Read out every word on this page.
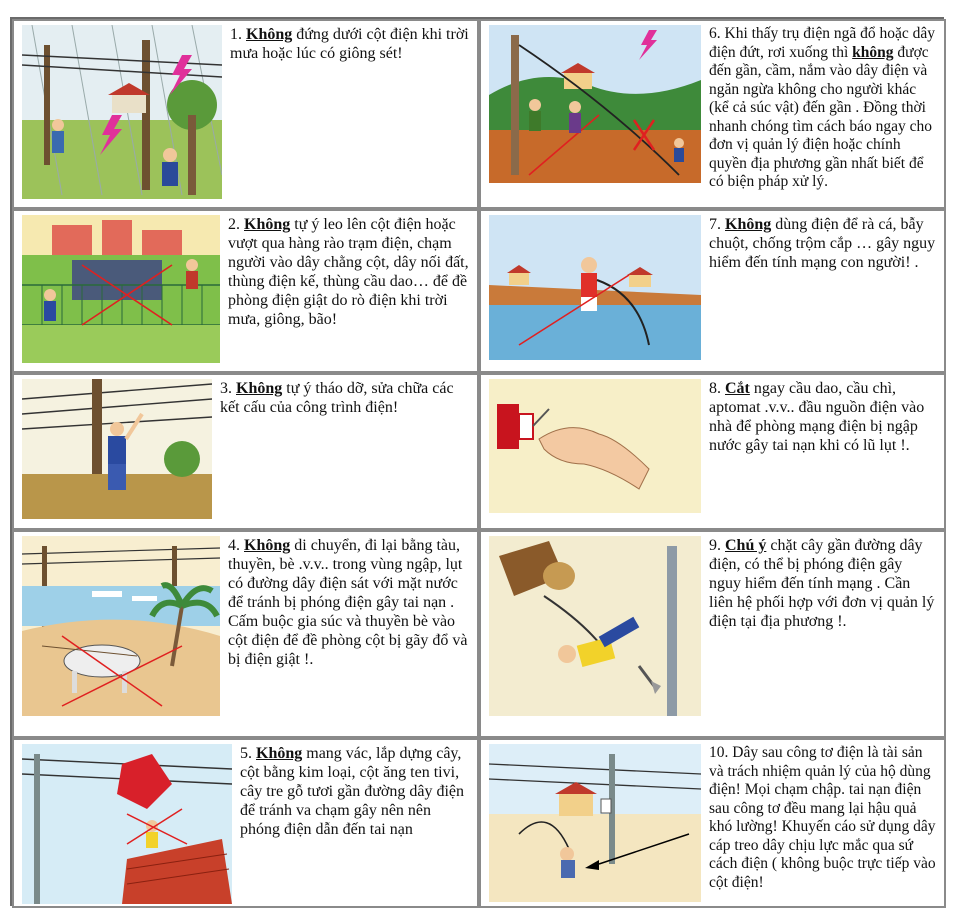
1. Không đứng dưới cột điện khi trời mưa hoặc lúc có giông sét!
6. Khi thấy trụ điện ngã đổ hoặc dây điện đứt, rơi xuống thì không được đến gần, cầm, nắm vào dây điện và ngăn ngừa không cho người khác (kể cả súc vật) đến gần . Đồng thời nhanh chóng tìm cách báo ngay cho đơn vị quản lý điện hoặc chính quyền địa phương gần nhất biết để có biện pháp xử lý.
2. Không tự ý leo lên cột điện hoặc vượt qua hàng rào trạm điện, chạm người vào dây chằng cột, dây nối đất, thùng điện kế, thùng cầu dao… để đề phòng điện giật do rò điện khi trời mưa, giông, bão!
7. Không dùng điện để rà cá, bẫy chuột, chống trộm cắp … gây nguy hiểm đến tính mạng con người! .
3. Không tự ý tháo dỡ, sửa chữa các kết cấu của công trình điện!
8. Cắt ngay cầu dao, cầu chì, aptomat .v.v.. đầu nguồn điện vào nhà để phòng mạng điện bị ngập nước gây tai nạn khi có lũ lụt !.
4. Không di chuyển, đi lại bằng tàu, thuyền, bè .v.v.. trong vùng ngập, lụt có đường dây điện sát với mặt nước để tránh bị phóng điện gây tai nạn . Cấm buộc gia súc và thuyền bè vào cột điện để đề phòng cột bị gãy đổ và bị điện giật !.
9. Chú ý chặt cây gần đường dây điện, có thể bị phóng điện gây nguy hiểm đến tính mạng . Cần liên hệ phối hợp với đơn vị quản lý điện tại địa phương !.
5. Không mang vác, lắp dựng cây, cột bằng kim loại, cột ăng ten tivi, cây tre gỗ tươi gần đường dây điện để tránh va chạm gây nên nên phóng điện dẫn đến tai nạn
10. Dây sau công tơ điện là tài sản và trách nhiệm quản lý của hộ dùng điện! Mọi chạm chập. tai nạn điện sau công tơ đều mang lại hậu quả khó lường! Khuyến cáo sử dụng dây cáp treo dây chịu lực mắc qua sứ cách điện ( không buộc trực tiếp vào cột điện!
